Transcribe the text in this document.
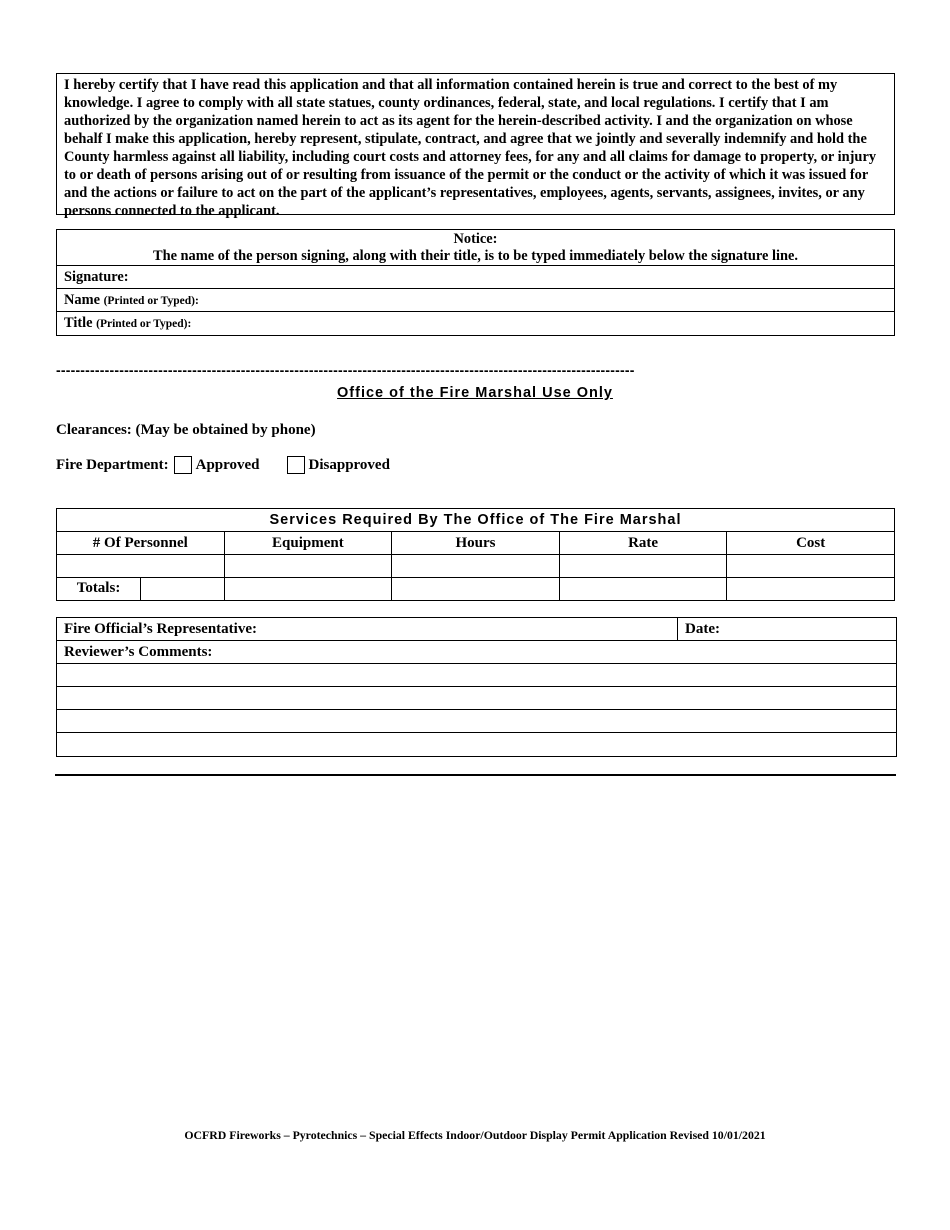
I hereby certify that I have read this application and that all information contained herein is true and correct to the best of my knowledge. I agree to comply with all state statues, county ordinances, federal, state, and local regulations. I certify that I am authorized by the organization named herein to act as its agent for the herein-described activity. I and the organization on whose behalf I make this application, hereby represent, stipulate, contract, and agree that we jointly and severally indemnify and hold the County harmless against all liability, including court costs and attorney fees, for any and all claims for damage to property, or injury to or death of persons arising out of or resulting from issuance of the permit or the conduct or the activity of which it was issued for and the actions or failure to act on the part of the applicant’s representatives, employees, agents, servants, assignees, invites, or any persons connected to the applicant.
Notice:
The name of the person signing, along with their title, is to be typed immediately below the signature line.
Signature:
Name (Printed or Typed):
Title (Printed or Typed):
-----------------------------------------------------------------------------------------------------------------------
Office of the Fire Marshal Use Only
Clearances: (May be obtained by phone)
Fire Department: Approved	Disapproved
Services Required By The Office of The Fire Marshal				
# Of Personnel	Equipment	Hours	Rate	Cost

Totals:				

Fire Official’s Representative:	Date:
Reviewer’s Comments:
OCFRD Fireworks – Pyrotechnics – Special Effects Indoor/Outdoor Display Permit Application Revised 10/01/2021
